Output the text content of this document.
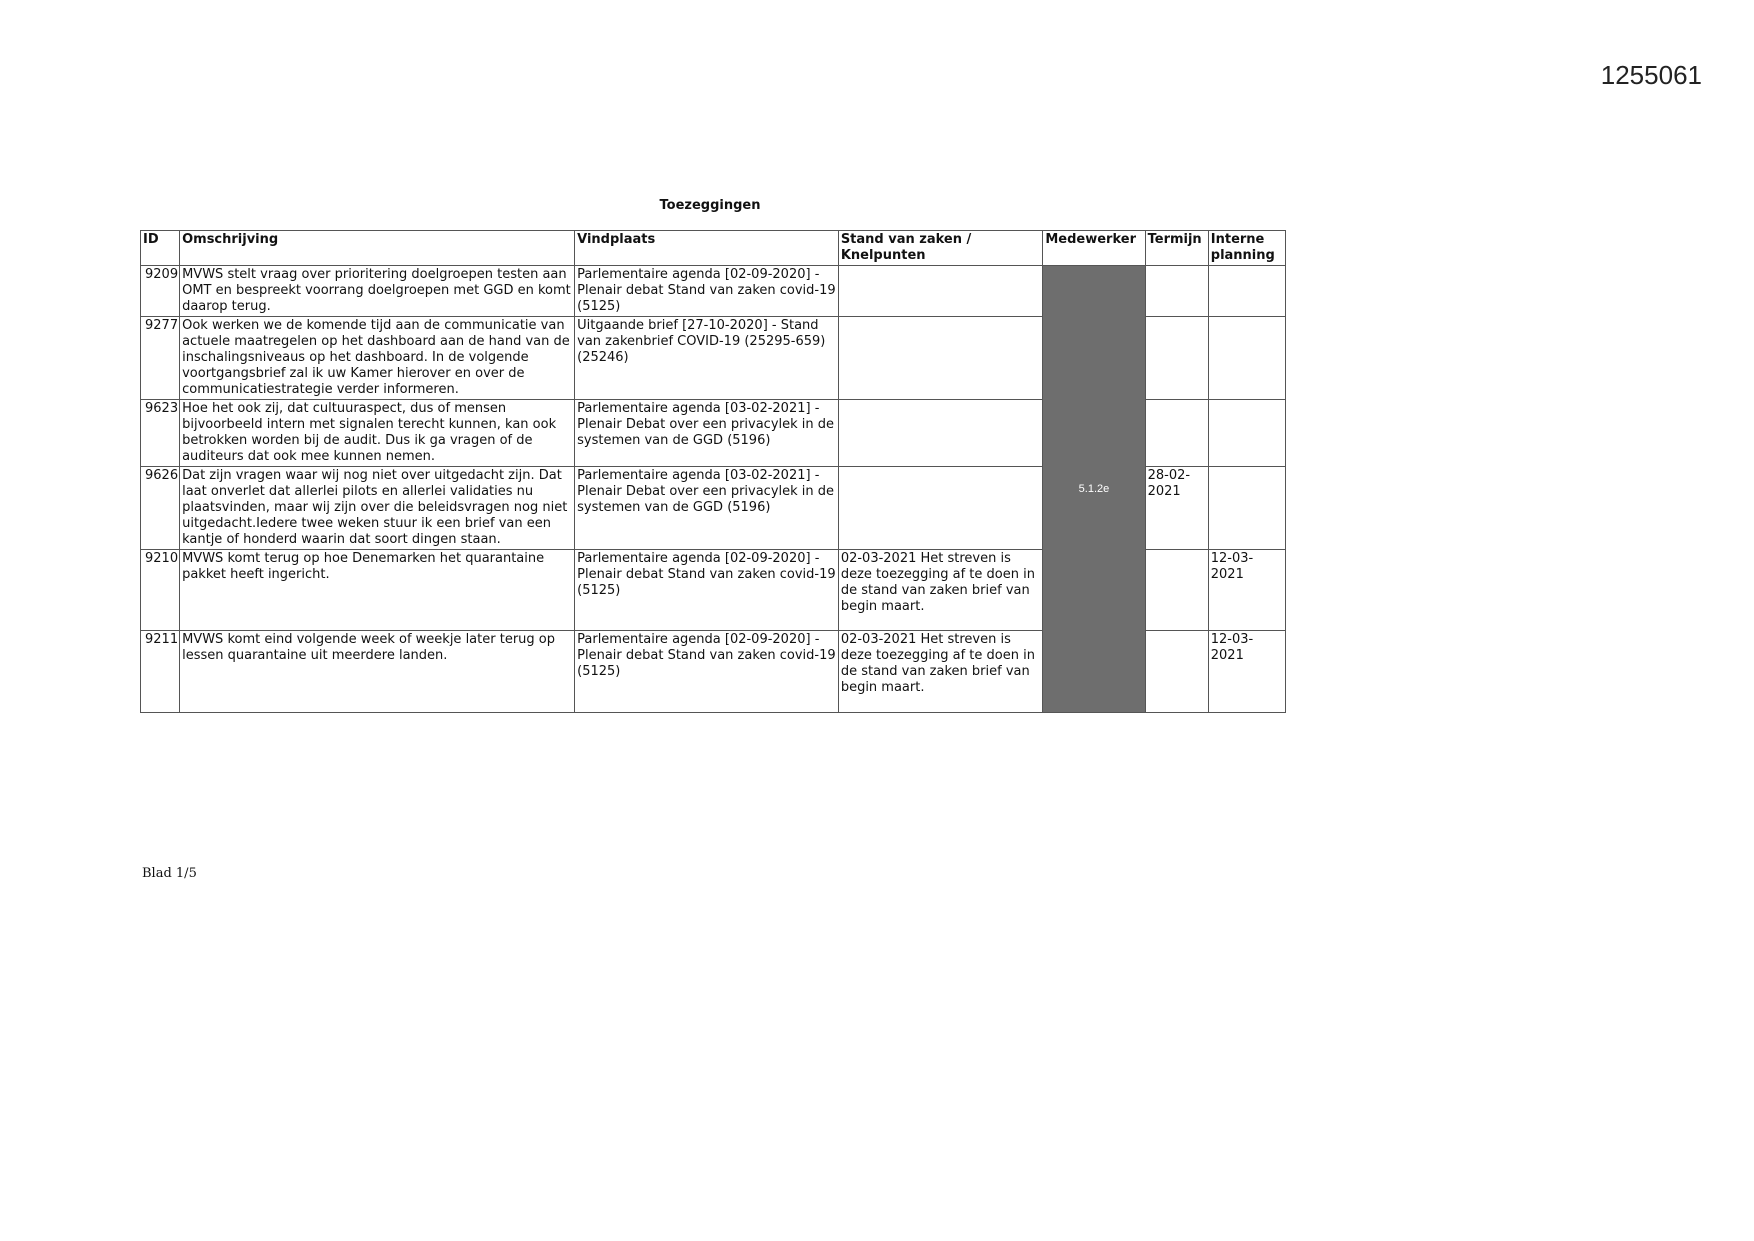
1255061
Toezeggingen
ID	Omschrijving	Vindplaats	Stand van zaken / Knelpunten	Medewerker	Termijn	Interne planning
9209	MVWS stelt vraag over prioritering doelgroepen testen aan OMT en bespreekt voorrang doelgroepen met GGD en komt daarop terug.	Parlementaire agenda [02-09-2020] - Plenair debat Stand van zaken covid-19 (5125)		5.1.2e		
9277	Ook werken we de komende tijd aan de communicatie van actuele maatregelen op het dashboard aan de hand van de inschalingsniveaus op het dashboard. In de volgende voortgangsbrief zal ik uw Kamer hierover en over de communicatiestrategie verder informeren.	Uitgaande brief [27-10-2020] - Stand van zakenbrief COVID-19 (25295-659) (25246)				
9623	Hoe het ook zij, dat cultuuraspect, dus of mensen bijvoorbeeld intern met signalen terecht kunnen, kan ook betrokken worden bij de audit. Dus ik ga vragen of de auditeurs dat ook mee kunnen nemen.	Parlementaire agenda [03-02-2021] - Plenair Debat over een privacylek in de systemen van de GGD (5196)				
9626	Dat zijn vragen waar wij nog niet over uitgedacht zijn. Dat laat onverlet dat allerlei pilots en allerlei validaties nu plaatsvinden, maar wij zijn over die beleidsvragen nog niet uitgedacht.Iedere twee weken stuur ik een brief van een kantje of honderd waarin dat soort dingen staan.	Parlementaire agenda [03-02-2021] - Plenair Debat over een privacylek in de systemen van de GGD (5196)			28-02-2021	
9210	MVWS komt terug op hoe Denemarken het quarantaine pakket heeft ingericht.	Parlementaire agenda [02-09-2020] - Plenair debat Stand van zaken covid-19 (5125)	02-03-2021 Het streven is deze toezegging af te doen in de stand van zaken brief van begin maart.			12-03-2021
9211	MVWS komt eind volgende week of weekje later terug op lessen quarantaine uit meerdere landen.	Parlementaire agenda [02-09-2020] - Plenair debat Stand van zaken covid-19 (5125)	02-03-2021 Het streven is deze toezegging af te doen in de stand van zaken brief van begin maart.			12-03-2021
Blad 1/5
